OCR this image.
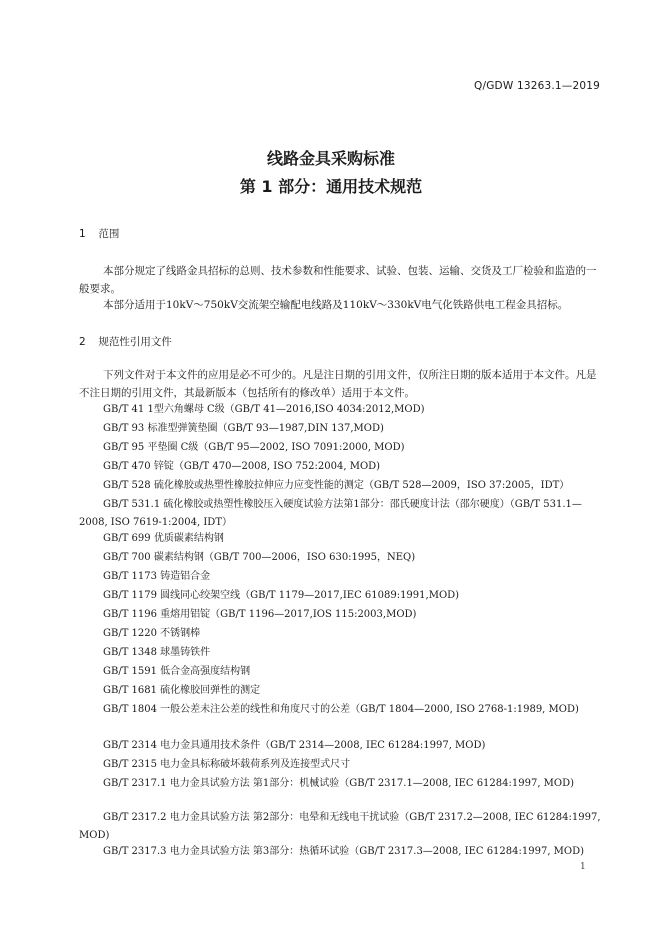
Q/GDW 13263.1—2019
线路金具采购标准
第 1 部分：通用技术规范
1 范围
本部分规定了线路金具招标的总则、技术参数和性能要求、试验、包装、运输、交货及工厂检验和监造的一般要求。
本部分适用于10kV～750kV交流架空输配电线路及110kV～330kV电气化铁路供电工程金具招标。
2 规范性引用文件
下列文件对于本文件的应用是必不可少的。凡是注日期的引用文件，仅所注日期的版本适用于本文件。凡是不注日期的引用文件，其最新版本（包括所有的修改单）适用于本文件。
GB/T 41 1型六角螺母 C级（GB/T 41—2016,ISO 4034:2012,MOD)
GB/T 93 标准型弹簧垫圈（GB/T 93—1987,DIN 137,MOD)
GB/T 95 平垫圈 C级（GB/T 95—2002, ISO 7091:2000, MOD)
GB/T 470 锌锭（GB/T 470—2008, ISO 752:2004, MOD)
GB/T 528 硫化橡胶或热塑性橡胶拉伸应力应变性能的测定（GB/T 528—2009，ISO 37:2005，IDT）
GB/T 531.1 硫化橡胶或热塑性橡胶压入硬度试验方法第1部分：邵氏硬度计法（邵尔硬度）（GB/T 531.1—2008, ISO 7619-1:2004, IDT）
GB/T 699 优质碳素结构钢
GB/T 700 碳素结构钢（GB/T 700—2006，ISO 630:1995，NEQ)
GB/T 1173 铸造铝合金
GB/T 1179 圆线同心绞架空线（GB/T 1179—2017,IEC 61089:1991,MOD)
GB/T 1196 重熔用铝锭（GB/T 1196—2017,IOS 115:2003,MOD)
GB/T 1220 不锈钢棒
GB/T 1348 球墨铸铁件
GB/T 1591 低合金高强度结构钢
GB/T 1681 硫化橡胶回弹性的测定
GB/T 1804 一般公差未注公差的线性和角度尺寸的公差（GB/T 1804—2000, ISO 2768-1:1989, MOD)
GB/T 2314 电力金具通用技术条件（GB/T 2314—2008, IEC 61284:1997, MOD)
GB/T 2315 电力金具标称破坏载荷系列及连接型式尺寸
GB/T 2317.1 电力金具试验方法 第1部分：机械试验（GB/T 2317.1—2008, IEC 61284:1997, MOD)
GB/T 2317.2 电力金具试验方法 第2部分：电晕和无线电干扰试验（GB/T 2317.2—2008, IEC 61284:1997, MOD)
GB/T 2317.3 电力金具试验方法 第3部分：热循环试验（GB/T 2317.3—2008, IEC 61284:1997, MOD)
1
